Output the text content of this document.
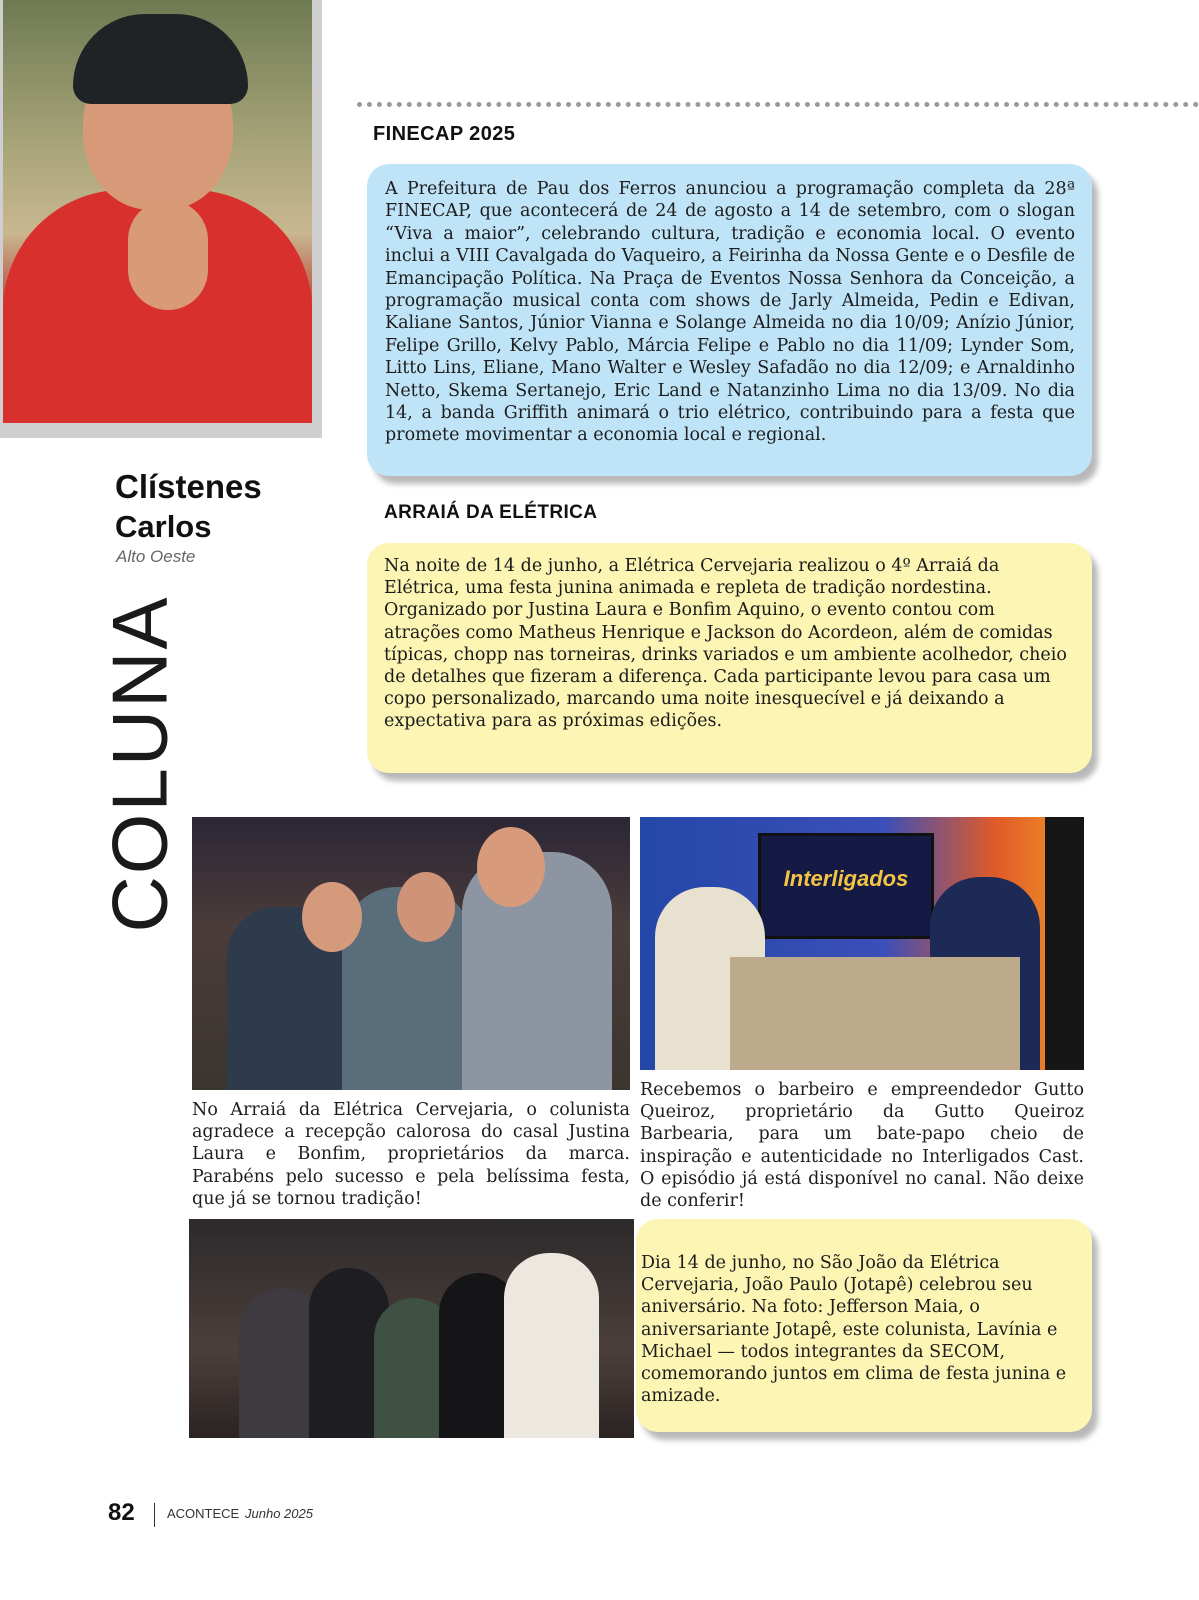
FINECAP 2025
A Prefeitura de Pau dos Ferros anunciou a programação completa da 28ª FINECAP, que acontecerá de 24 de agosto a 14 de setembro, com o slogan “Viva a maior”, celebrando cultura, tradição e economia local. O evento inclui a VIII Cavalgada do Vaqueiro, a Feirinha da Nossa Gente e o Desfile de Emancipação Política. Na Praça de Eventos Nossa Senhora da Conceição, a programação musical conta com shows de Jarly Almeida, Pedin e Edivan, Kaliane Santos, Júnior Vianna e Solange Almeida no dia 10/09; Anízio Júnior, Felipe Grillo, Kelvy Pablo, Márcia Felipe e Pablo no dia 11/09; Lynder Som, Litto Lins, Eliane, Mano Walter e Wesley Safadão no dia 12/09; e Arnaldinho Netto, Skema Sertanejo, Eric Land e Natanzinho Lima no dia 13/09. No dia 14, a banda Griffith animará o trio elétrico, contribuindo para a festa que promete movimentar a economia local e regional.
Clístenes
Carlos
Alto Oeste
COLUNA
ARRAIÁ DA ELÉTRICA
Na noite de 14 de junho, a Elétrica Cervejaria realizou o 4º Arraiá da Elétrica, uma festa junina animada e repleta de tradição nordestina. Organizado por Justina Laura e Bonfim Aquino, o evento contou com atrações como Matheus Henrique e Jackson do Acordeon, além de comidas típicas, chopp nas torneiras, drinks variados e um ambiente acolhedor, cheio de detalhes que fizeram a diferença. Cada participante levou para casa um copo personalizado, marcando uma noite inesquecível e já deixando a expectativa para as próximas edições.
Interligados
No Arraiá da Elétrica Cervejaria, o colunista agradece a recepção calorosa do casal Justina Laura e Bonfim, proprietários da marca. Parabéns pelo sucesso e pela belíssima festa, que já se tornou tradição!
Recebemos o barbeiro e empreendedor Gutto Queiroz, proprietário da Gutto Queiroz Barbearia, para um bate-papo cheio de inspiração e autenticidade no Interligados Cast. O episódio já está disponível no canal. Não deixe de conferir!
Dia 14 de junho, no São João da Elétrica Cervejaria, João Paulo (Jotapê) celebrou seu aniversário. Na foto: Jefferson Maia, o aniversariante Jotapê, este colunista, Lavínia e Michael — todos integrantes da SECOM, comemorando juntos em clima de festa junina e amizade.
82 ACONTECE Junho 2025
